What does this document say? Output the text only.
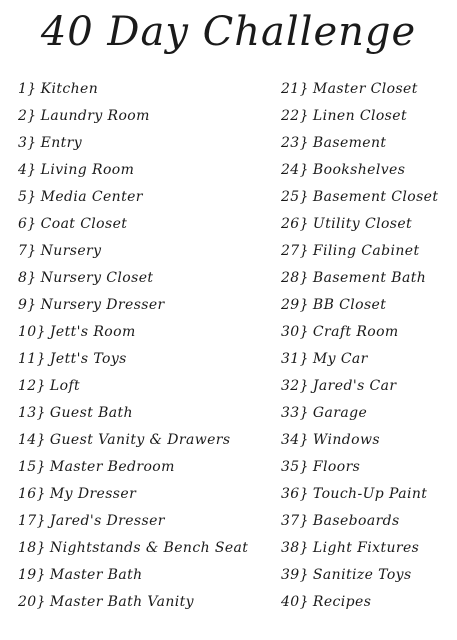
40 Day Challenge
1} Kitchen
2} Laundry Room
3} Entry
4} Living Room
5} Media Center
6} Coat Closet
7} Nursery
8} Nursery Closet
9} Nursery Dresser
10} Jett's Room
11} Jett's Toys
12} Loft
13} Guest Bath
14} Guest Vanity & Drawers
15} Master Bedroom
16} My Dresser
17} Jared's Dresser
18} Nightstands & Bench Seat
19} Master Bath
20} Master Bath Vanity
21} Master Closet
22} Linen Closet
23} Basement
24} Bookshelves
25} Basement Closet
26} Utility Closet
27} Filing Cabinet
28} Basement Bath
29} BB Closet
30} Craft Room
31} My Car
32} Jared's Car
33} Garage
34} Windows
35} Floors
36} Touch-Up Paint
37} Baseboards
38} Light Fixtures
39} Sanitize Toys
40} Recipes
